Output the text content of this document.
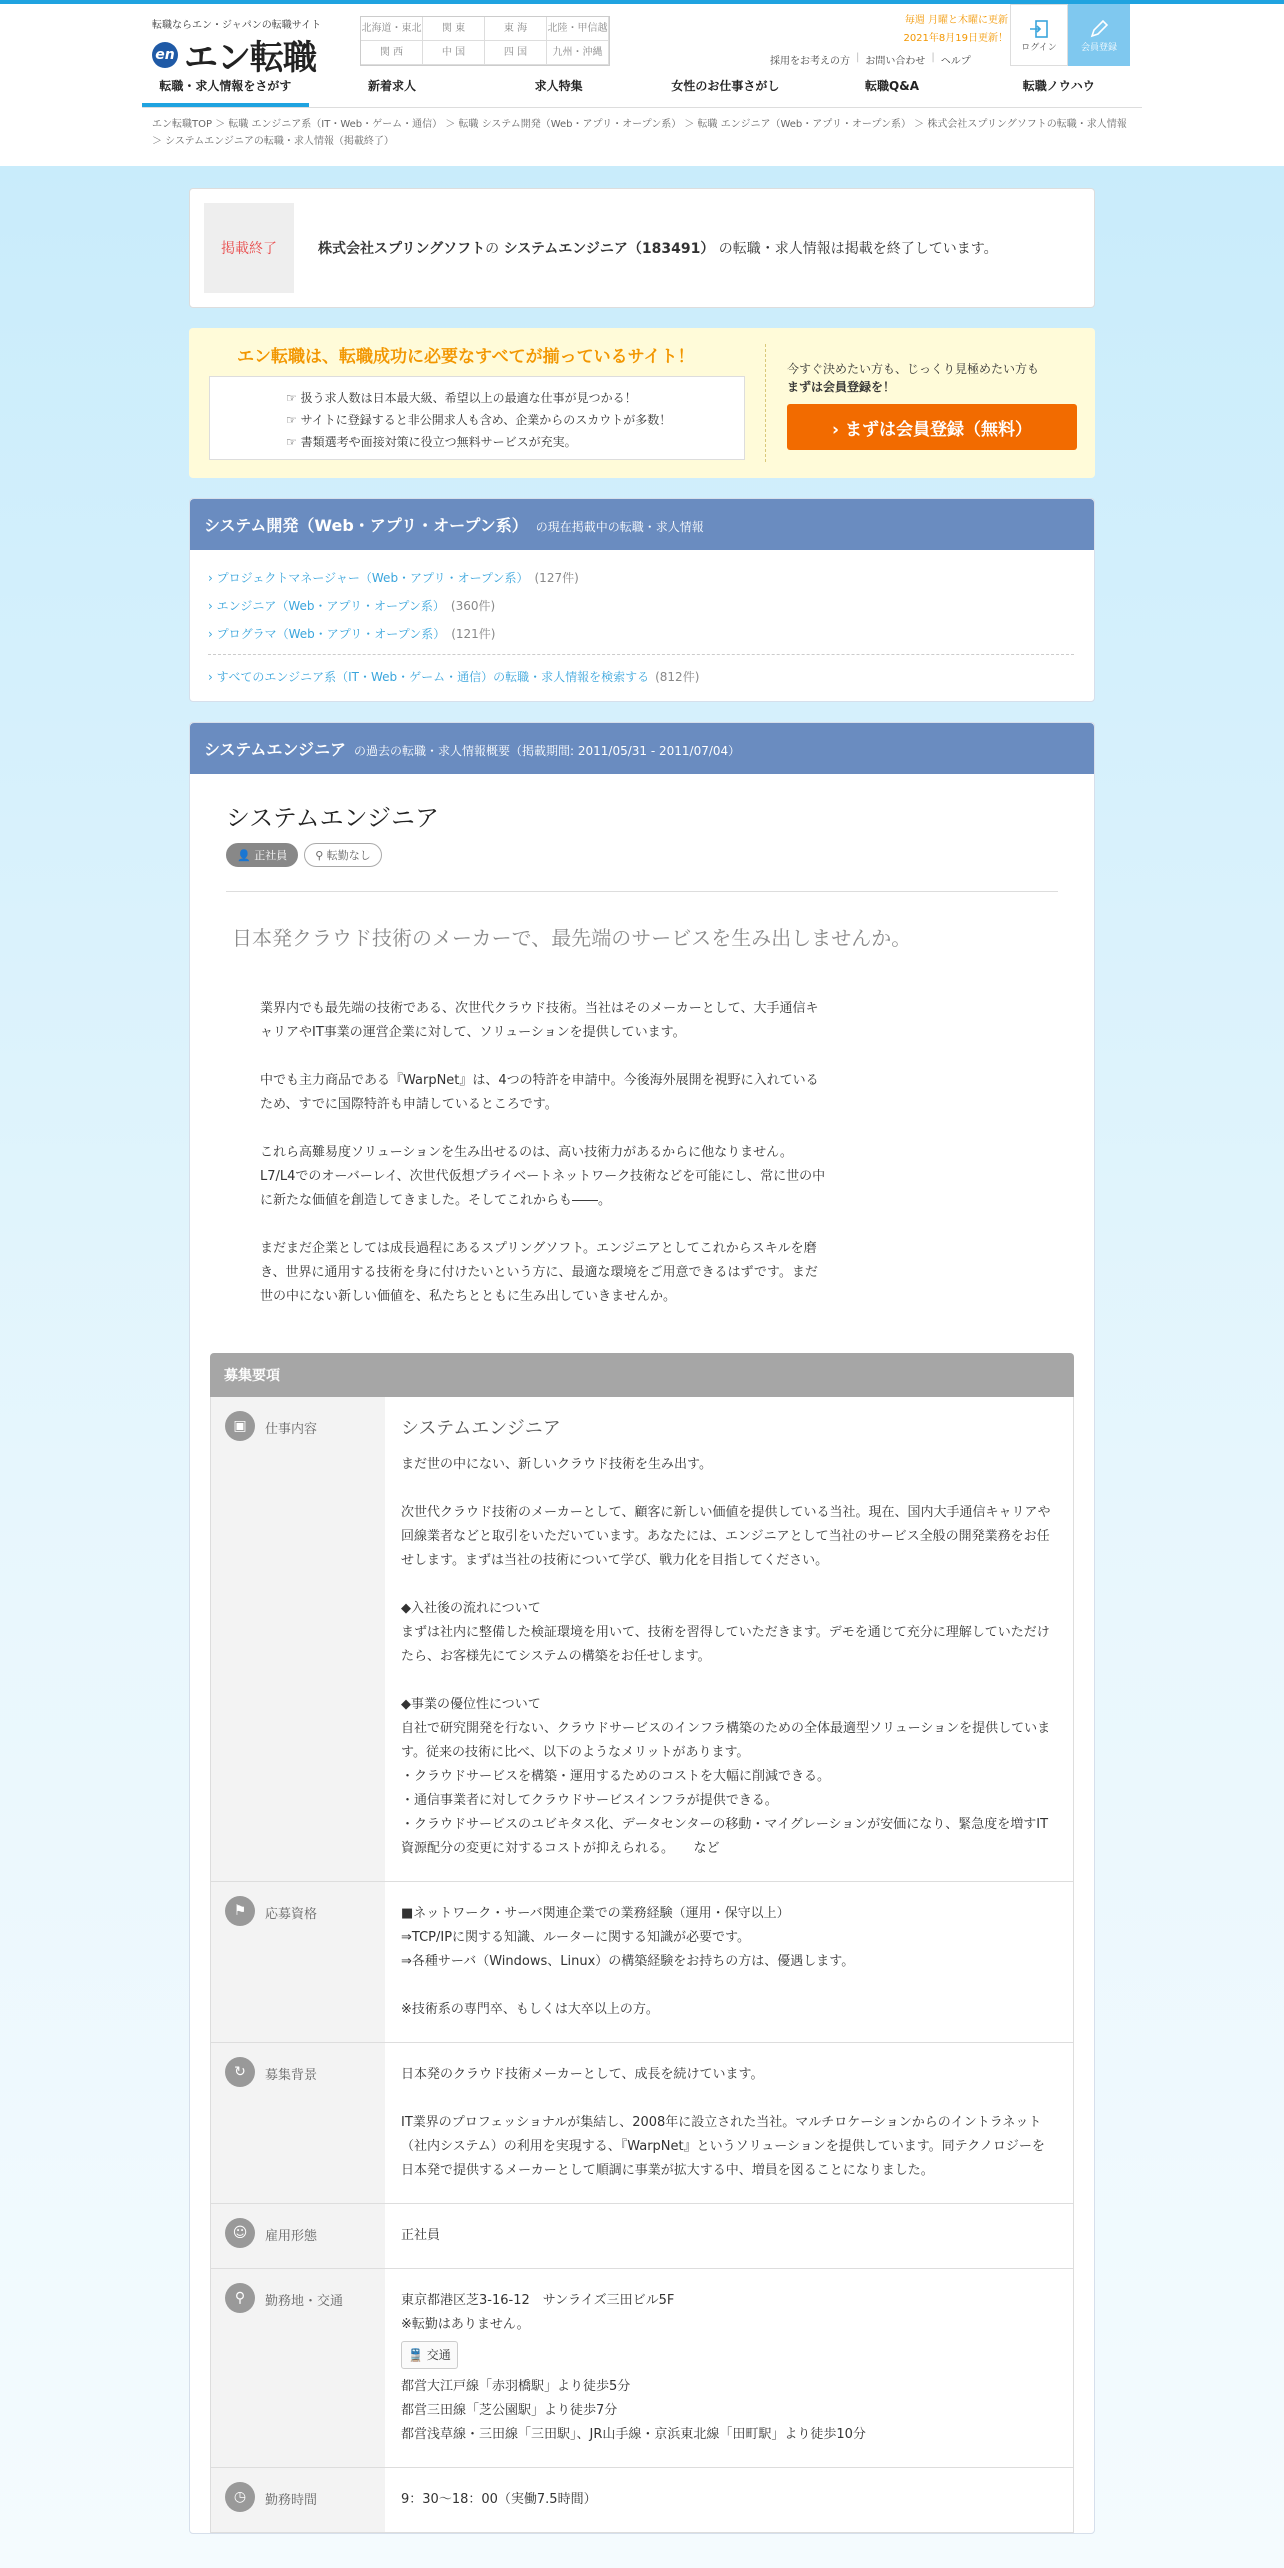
転職ならエン・ジャパンの転職サイト
en エン転職
北海道・東北	関 東	東 海	北陸・甲信越
関 西	中 国	四 国	九州・沖縄
毎週 月曜と木曜に更新
2021年8月19日更新！
採用をお考えの方 | お問い合わせ | ヘルプ
ログイン	会員登録
転職・求人情報をさがす	新着求人	求人特集	女性のお仕事さがし	転職Q&A	転職ノウハウ
エン転職TOP ＞ 転職 エンジニア系（IT・Web・ゲーム・通信） ＞ 転職 システム開発（Web・アプリ・オープン系） ＞ 転職 エンジニア（Web・アプリ・オープン系） ＞ 株式会社スプリングソフトの転職・求人情報 ＞ システムエンジニアの転職・求人情報（掲載終了）
掲載終了	株式会社スプリングソフトの システムエンジニア（183491） の転職・求人情報は掲載を終了しています。
エン転職は、転職成功に必要なすべてが揃っているサイト！
☞ 扱う求人数は日本最大級、希望以上の最適な仕事が見つかる！
☞ サイトに登録すると非公開求人も含め、企業からのスカウトが多数！
☞ 書類選考や面接対策に役立つ無料サービスが充実。
今すぐ決めたい方も、じっくり見極めたい方も
まずは会員登録を！
› まずは会員登録（無料）
システム開発（Web・アプリ・オープン系） の現在掲載中の転職・求人情報
› プロジェクトマネージャー（Web・アプリ・オープン系） (127件)
› エンジニア（Web・アプリ・オープン系） (360件)
› プログラマ（Web・アプリ・オープン系） (121件)
› すべてのエンジニア系（IT・Web・ゲーム・通信）の転職・求人情報を検索する (812件)
システムエンジニア の過去の転職・求人情報概要（掲載期間: 2011/05/31 - 2011/07/04）
システムエンジニア
👤 正社員	⚲ 転勤なし
日本発クラウド技術のメーカーで、最先端のサービスを生み出しませんか。

業界内でも最先端の技術である、次世代クラウド技術。当社はそのメーカーとして、大手通信キャリアやIT事業の運営企業に対して、ソリューションを提供しています。

中でも主力商品である『WarpNet』は、4つの特許を申請中。今後海外展開を視野に入れているため、すでに国際特許も申請しているところです。

これら高難易度ソリューションを生み出せるのは、高い技術力があるからに他なりません。L7/L4でのオーバーレイ、次世代仮想プライベートネットワーク技術などを可能にし、常に世の中に新たな価値を創造してきました。そしてこれからも――。

まだまだ企業としては成長過程にあるスプリングソフト。エンジニアとしてこれからスキルを磨き、世界に通用する技術を身に付けたいという方に、最適な環境をご用意できるはずです。まだ世の中にない新しい価値を、私たちとともに生み出していきませんか。

募集要項
▣	仕事内容	システムエンジニア
まだ世の中にない、新しいクラウド技術を生み出す。
次世代クラウド技術のメーカーとして、顧客に新しい価値を提供している当社。現在、国内大手通信キャリアや回線業者などと取引をいただいています。あなたには、エンジニアとして当社のサービス全般の開発業務をお任せします。まずは当社の技術について学び、戦力化を目指してください。
◆入社後の流れについて
まずは社内に整備した検証環境を用いて、技術を習得していただきます。デモを通じて充分に理解していただけたら、お客様先にてシステムの構築をお任せします。
◆事業の優位性について
自社で研究開発を行ない、クラウドサービスのインフラ構築のための全体最適型ソリューションを提供しています。従来の技術に比べ、以下のようなメリットがあります。
・クラウドサービスを構築・運用するためのコストを大幅に削減できる。
・通信事業者に対してクラウドサービスインフラが提供できる。
・クラウドサービスのユビキタス化、データセンターの移動・マイグレーションが安価になり、緊急度を増すIT資源配分の変更に対するコストが抑えられる。　　など
⚑	応募資格	■ネットワーク・サーバ関連企業での業務経験（運用・保守以上）
⇒TCP/IPに関する知識、ルーターに関する知識が必要です。
⇒各種サーバ（Windows、Linux）の構築経験をお持ちの方は、優遇します。
※技術系の専門卒、もしくは大卒以上の方。
↻	募集背景	日本発のクラウド技術メーカーとして、成長を続けています。
IT業界のプロフェッショナルが集結し、2008年に設立された当社。マルチロケーションからのイントラネット（社内システム）の利用を実現する、『WarpNet』というソリューションを提供しています。同テクノロジーを日本発で提供するメーカーとして順調に事業が拡大する中、増員を図ることになりました。
☺	雇用形態	正社員
⚲	勤務地・交通	東京都港区芝3-16-12　サンライズ三田ビル5F
※転勤はありません。
🚆 交通
都営大江戸線「赤羽橋駅」より徒歩5分
都営三田線「芝公園駅」より徒歩7分
都営浅草線・三田線「三田駅」、JR山手線・京浜東北線「田町駅」より徒歩10分
◷	勤務時間	9：30～18：00（実働7.5時間）
